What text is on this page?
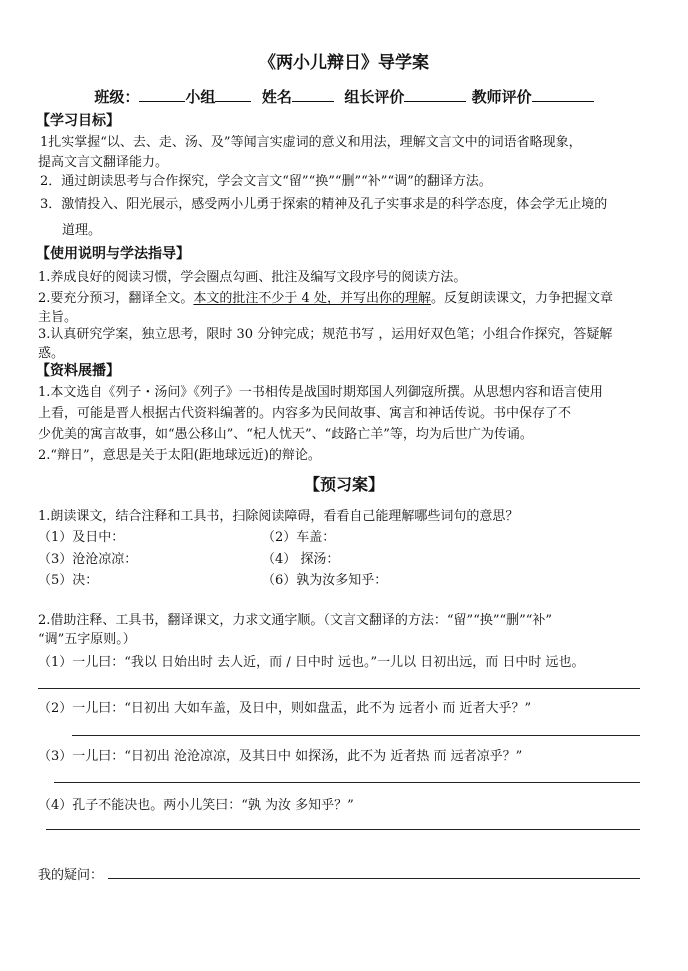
《两小儿辩日》导学案
班级：	小组	姓名	组长评价	教师评价
【学习目标】
1扎实掌握“以、去、走、汤、及”等闻言实虚词的意义和用法，理解文言文中的词语省略现象，
提高文言文翻译能力。
2．通过朗读思考与合作探究，学会文言文“留”“换”“删”“补”“调”的翻译方法。
3．激情投入、阳光展示，感受两小儿勇于探索的精神及孔子实事求是的科学态度，体会学无止境的
道理。
【使用说明与学法指导】
1.养成良好的阅读习惯，学会圈点勾画、批注及编写文段序号的阅读方法。
2.要充分预习，翻译全文。本文的批注不少于 4 处，并写出你的理解。反复朗读课文，力争把握文章
主旨。
3.认真研究学案，独立思考，限时 30 分钟完成；规范书写 ，运用好双色笔；小组合作探究，答疑解
惑。
【资料展播】
1.本文选自《列子・汤问》《列子》一书相传是战国时期郑国人列御寇所撰。从思想内容和语言使用
上看，可能是晋人根据古代资料编著的。内容多为民间故事、寓言和神话传说。书中保存了不
少优美的寓言故事，如“愚公移山”、“杞人忧天”、“歧路亡羊”等，均为后世广为传诵。
2.“辩日”，意思是关于太阳(距地球远近)的辩论。
【预习案】
1.朗读课文，结合注释和工具书，扫除阅读障碍，看看自己能理解哪些词句的意思？
（1）及日中：	（2）车盖：
（3）沧沧凉凉：	（4） 探汤：
（5）决：	（6）孰为汝多知乎：
2.借助注释、工具书，翻译课文，力求文通字顺。（文言文翻译的方法：“留”“换”“删”“补”
“调”五字原则。）
（1）一儿曰：“我以 日始出时 去人近，而 / 日中时 远也。”一儿以 日初出远，而 日中时 远也。
（2）一儿曰：“日初出 大如车盖，及日中，则如盘盂，此不为 远者小 而 近者大乎？”
（3）一儿曰：“日初出 沧沧凉凉，及其日中 如探汤，此不为 近者热 而 远者凉乎？”
（4）孔子不能决也。两小儿笑曰：“孰 为汝 多知乎？”
我的疑问：
